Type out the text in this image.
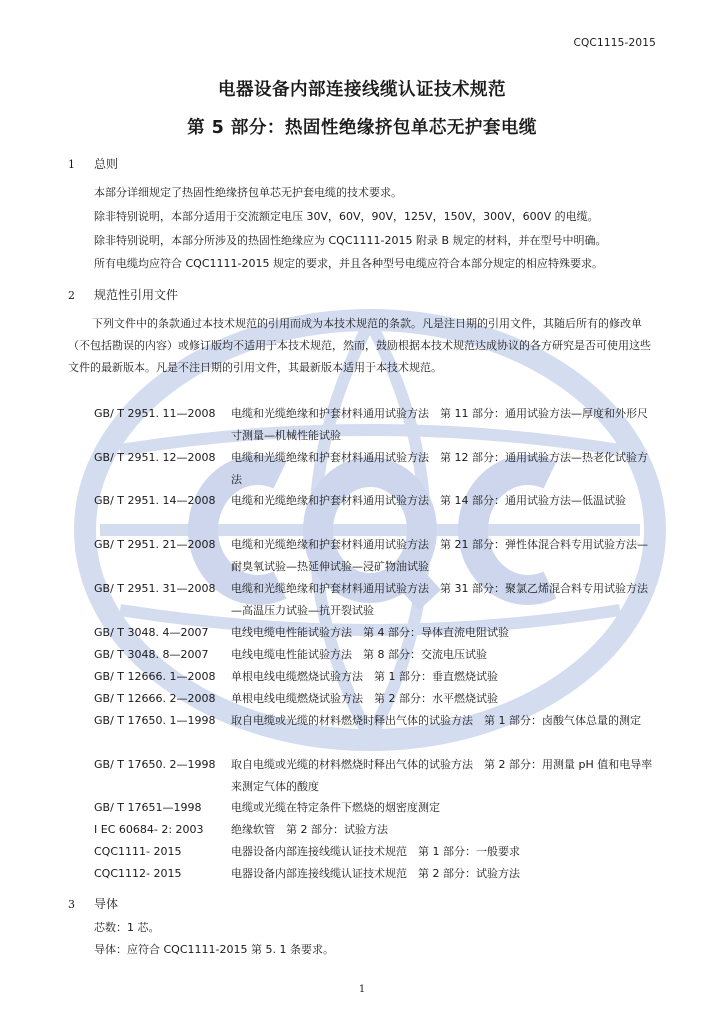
CQC1115-2015
电器设备内部连接线缆认证技术规范
第 5 部分：热固性绝缘挤包单芯无护套电缆
1 总则
本部分详细规定了热固性绝缘挤包单芯无护套电缆的技术要求。
除非特别说明，本部分适用于交流额定电压 30V，60V，90V，125V，150V，300V，600V 的电缆。
除非特别说明，本部分所涉及的热固性绝缘应为 CQC1111-2015 附录 B 规定的材料，并在型号中明确。
所有电缆均应符合 CQC1111-2015 规定的要求，并且各种型号电缆应符合本部分规定的相应特殊要求。
2 规范性引用文件
下列文件中的条款通过本技术规范的引用而成为本技术规范的条款。凡是注日期的引用文件，其随后所有的修改单（不包括勘误的内容）或修订版均不适用于本技术规范，然而，鼓励根据本技术规范达成协议的各方研究是否可使用这些文件的最新版本。凡是不注日期的引用文件，其最新版本适用于本技术规范。
GB/ T 2951. 11—2008 电缆和光缆绝缘和护套材料通用试验方法　第 11 部分：通用试验方法—厚度和外形尺寸测量—机械性能试验
GB/ T 2951. 12—2008 电缆和光缆绝缘和护套材料通用试验方法　第 12 部分：通用试验方法—热老化试验方法
GB/ T 2951. 14—2008 电缆和光缆绝缘和护套材料通用试验方法　第 14 部分：通用试验方法—低温试验
GB/ T 2951. 21—2008 电缆和光缆绝缘和护套材料通用试验方法　第 21 部分：弹性体混合料专用试验方法—耐臭氧试验—热延伸试验—浸矿物油试验
GB/ T 2951. 31—2008 电缆和光缆绝缘和护套材料通用试验方法　第 31 部分：聚氯乙烯混合料专用试验方法—高温压力试验—抗开裂试验
GB/ T 3048. 4—2007 电线电缆电性能试验方法　第 4 部分：导体直流电阻试验
GB/ T 3048. 8—2007 电线电缆电性能试验方法　第 8 部分：交流电压试验
GB/ T 12666. 1—2008 单根电线电缆燃烧试验方法　第 1 部分：垂直燃烧试验
GB/ T 12666. 2—2008 单根电线电缆燃烧试验方法　第 2 部分：水平燃烧试验
GB/ T 17650. 1—1998 取自电缆或光缆的材料燃烧时释出气体的试验方法　第 1 部分：卤酸气体总量的测定
GB/ T 17650. 2—1998 取自电缆或光缆的材料燃烧时释出气体的试验方法　第 2 部分：用测量 pH 值和电导率来测定气体的酸度
GB/ T 17651—1998	电缆或光缆在特定条件下燃烧的烟密度测定
I EC 60684- 2: 2003 绝缘软管　第 2 部分：试验方法
CQC1111- 2015	电器设备内部连接线缆认证技术规范　第 1 部分：一般要求
CQC1112- 2015	电器设备内部连接线缆认证技术规范　第 2 部分：试验方法
3 导体
芯数：1 芯。
导体：应符合 CQC1111-2015 第 5. 1 条要求。
1
